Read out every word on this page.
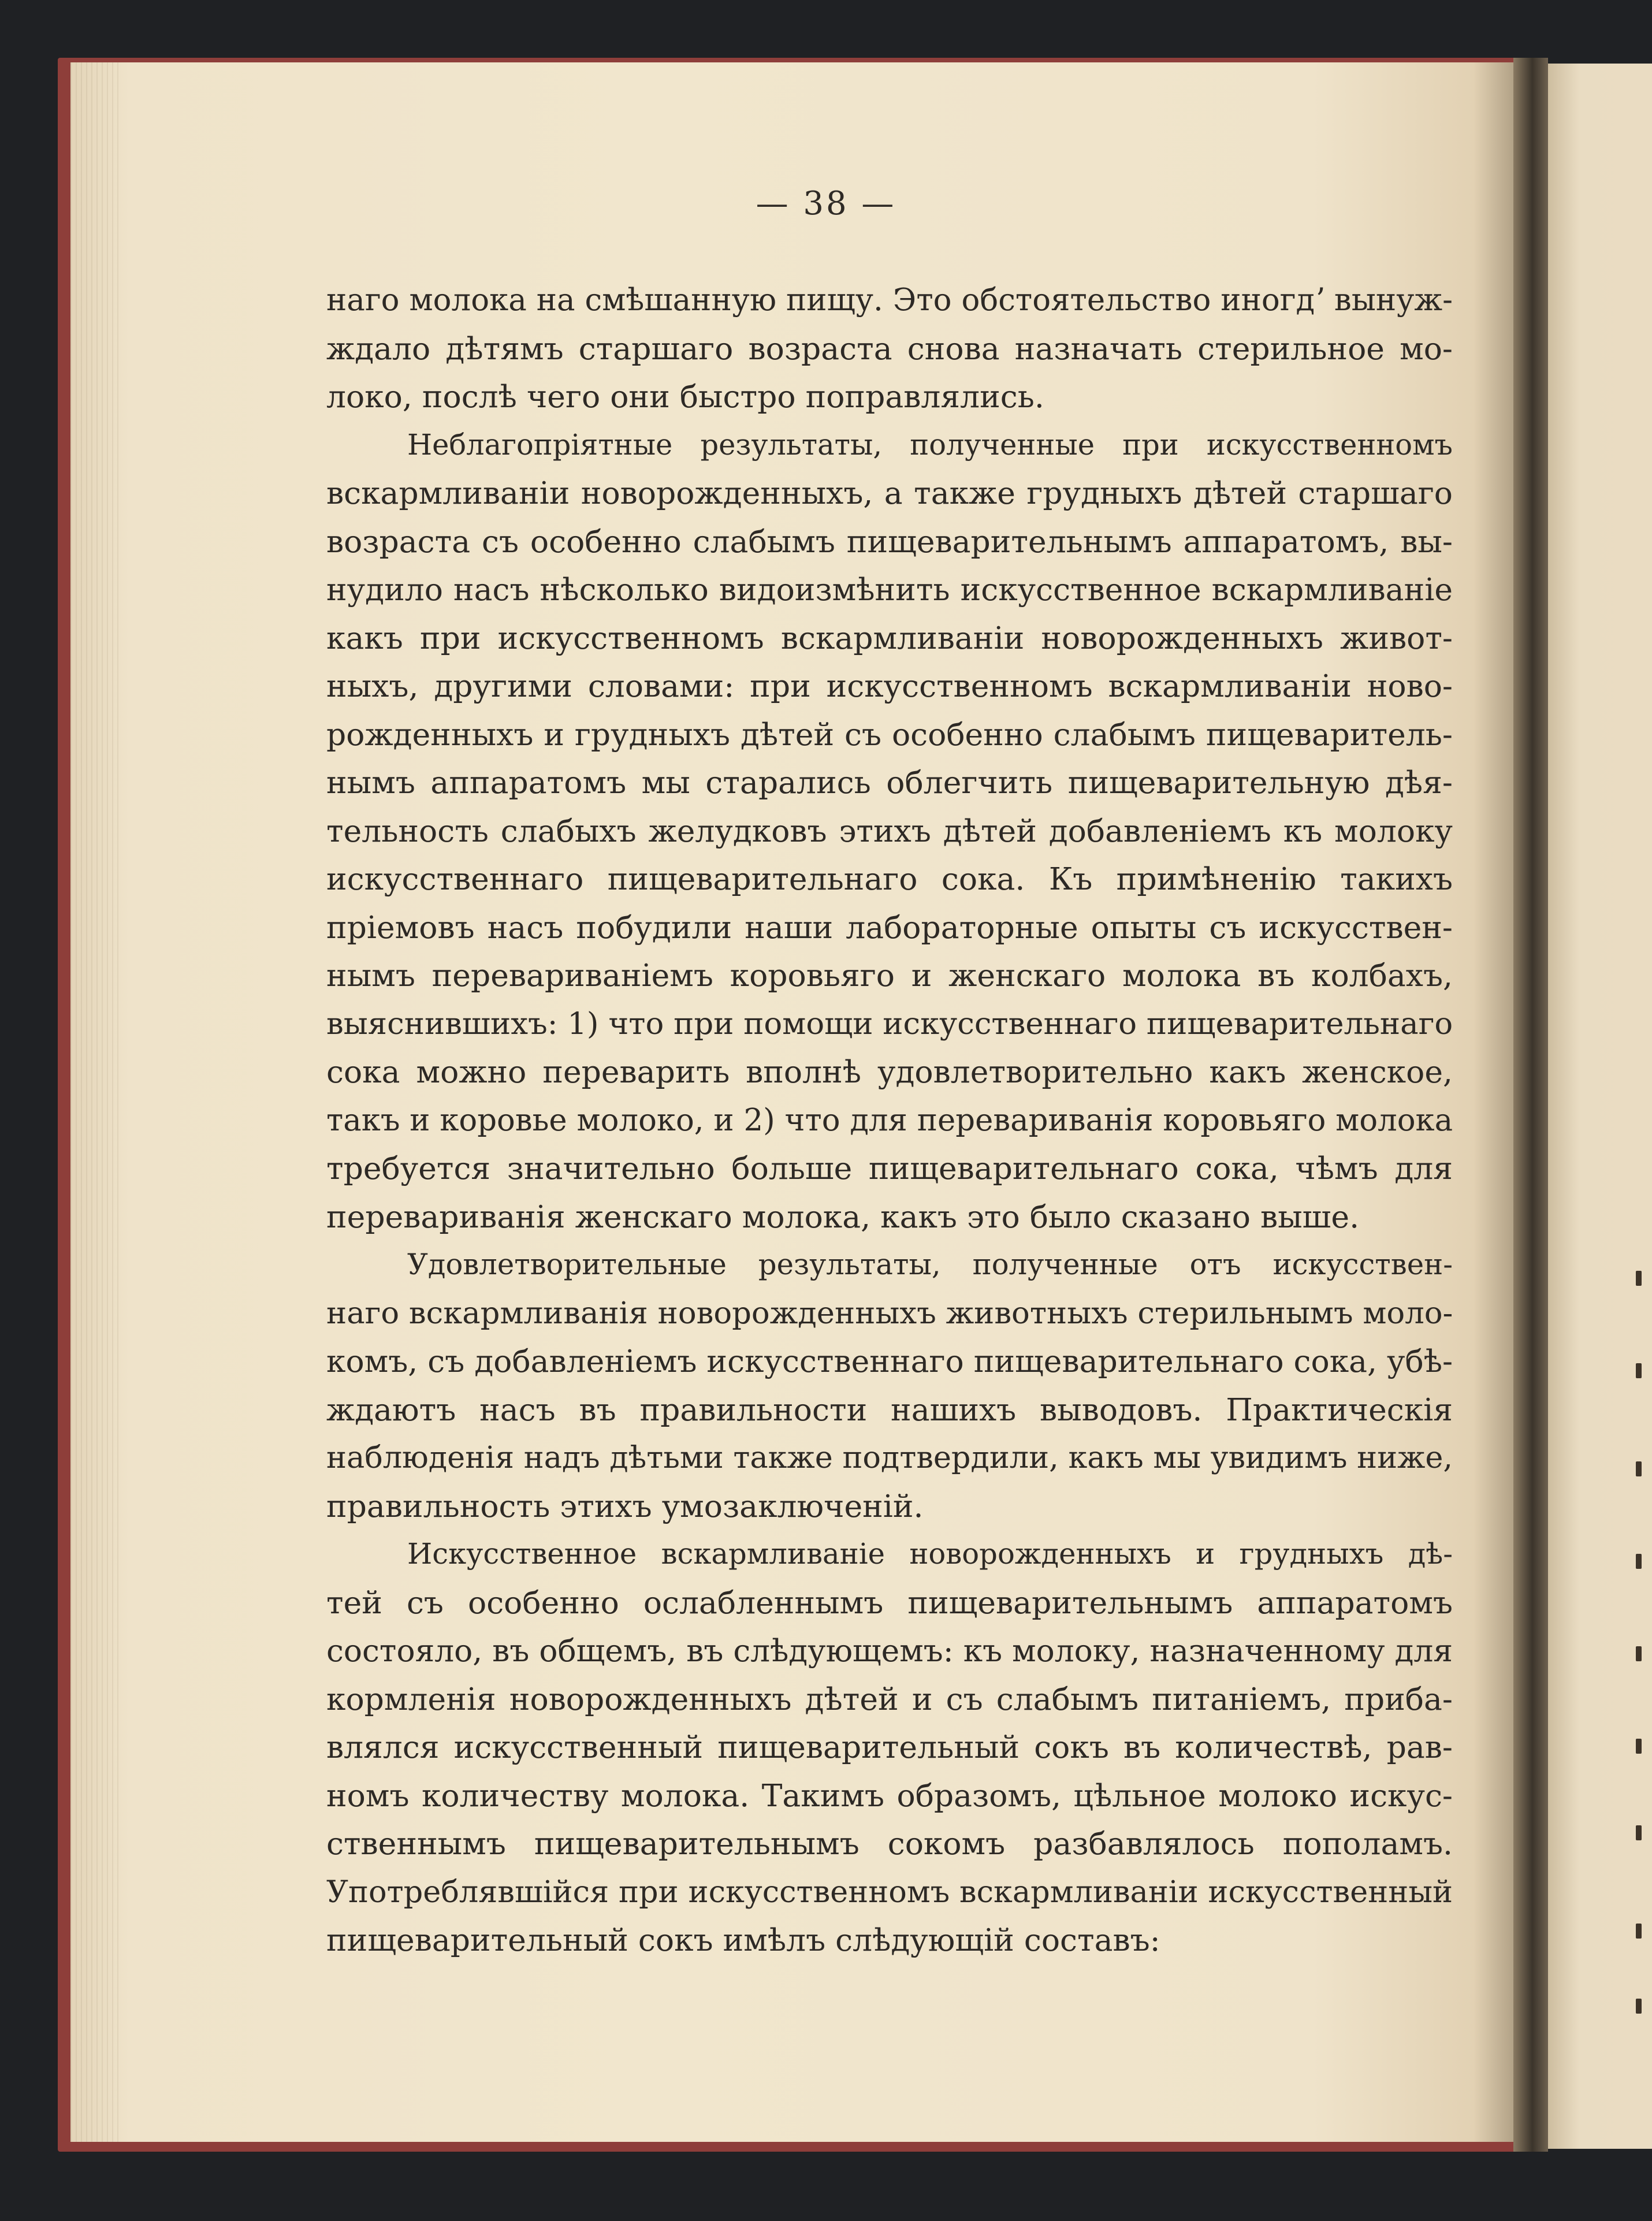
— 38 —
наго молока на смѣшанную пищу. Это обстоятельство иногдʼ вынуж-
ждало дѣтямъ старшаго возраста снова назначать стерильное мо-
локо, послѣ чего они быстро поправлялись.
Неблагопріятные результаты, полученные при искусственномъ
вскармливаніи новорожденныхъ, а также грудныхъ дѣтей старшаго
возраста съ особенно слабымъ пищеварительнымъ аппаратомъ, вы-
нудило насъ нѣсколько видоизмѣнить искусственное вскармливаніе
какъ при искусственномъ вскармливаніи новорожденныхъ живот-
ныхъ, другими словами: при искусственномъ вскармливаніи ново-
рожденныхъ и грудныхъ дѣтей съ особенно слабымъ пищеваритель-
нымъ аппаратомъ мы старались облегчить пищеварительную дѣя-
тельность слабыхъ желудковъ этихъ дѣтей добавленіемъ къ молоку
искусственнаго пищеварительнаго сока. Къ примѣненію такихъ
пріемовъ насъ побудили наши лабораторные опыты съ искусствен-
нымъ перевариваніемъ коровьяго и женскаго молока въ колбахъ,
выяснившихъ: 1) что при помощи искусственнаго пищеварительнаго
сока можно переварить вполнѣ удовлетворительно какъ женское,
такъ и коровье молоко, и 2) что для перевариванія коровьяго молока
требуется значительно больше пищеварительнаго сока, чѣмъ для
перевариванія женскаго молока, какъ это было сказано выше.
Удовлетворительные результаты, полученные отъ искусствен-
наго вскармливанія новорожденныхъ животныхъ стерильнымъ моло-
комъ, съ добавленіемъ искусственнаго пищеварительнаго сока, убѣ-
ждаютъ насъ въ правильности нашихъ выводовъ. Практическія
наблюденія надъ дѣтьми также подтвердили, какъ мы увидимъ ниже,
правильность этихъ умозаключеній.
Искусственное вскармливаніе новорожденныхъ и грудныхъ дѣ-
тей съ особенно ослабленнымъ пищеварительнымъ аппаратомъ
состояло, въ общемъ, въ слѣдующемъ: къ молоку, назначенному для
кормленія новорожденныхъ дѣтей и съ слабымъ питаніемъ, приба-
влялся искусственный пищеварительный сокъ въ количествѣ, рав-
номъ количеству молока. Такимъ образомъ, цѣльное молоко искус-
ственнымъ пищеварительнымъ сокомъ разбавлялось пополамъ.
Употреблявшійся при искусственномъ вскармливаніи искусственный
пищеварительный сокъ имѣлъ слѣдующій составъ:
